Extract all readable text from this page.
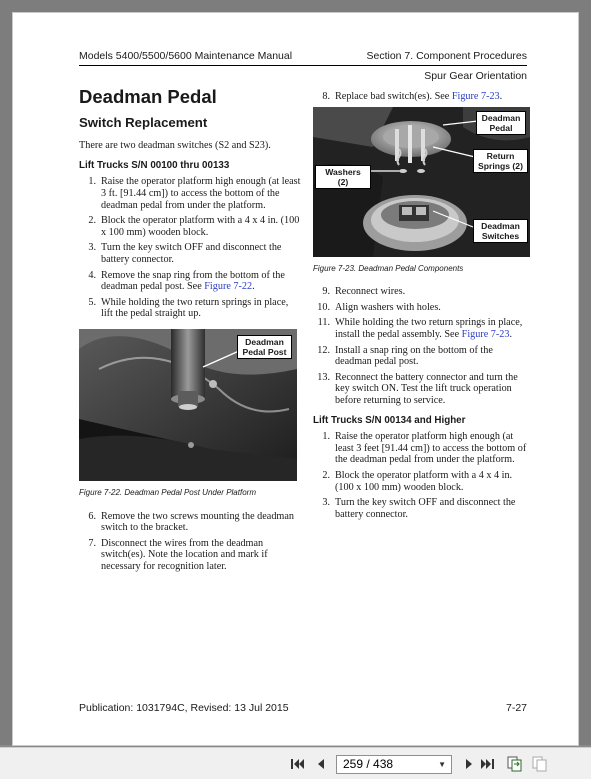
Models 5400/5500/5600 Maintenance Manual	Section 7. Component Procedures
Spur Gear Orientation
Deadman Pedal
Switch Replacement

There are two deadman switches (S2 and S23).

Lift Trucks S/N 00100 thru 00133
1. Raise the operator platform high enough (at least 3 ft. [91.44 cm]) to access the bottom of the deadman pedal from under the platform.
2. Block the operator platform with a 4 x 4 in. (100 x 100 mm) wooden block.
3. Turn the key switch OFF and disconnect the battery connector.
4. Remove the snap ring from the bottom of the deadman pedal post. See Figure 7-22.
5. While holding the two return springs in place, lift the pedal straight up.
Deadman
Pedal Post
Figure 7-22. Deadman Pedal Post Under Platform
6. Remove the two screws mounting the deadman switch to the bracket.
7. Disconnect the wires from the deadman switch(es). Note the location and mark if necessary for recognition later.
8. Replace bad switch(es). See Figure 7-23.
Deadman
Pedal
Return
Springs (2)
Washers (2)
Deadman
Switches
Figure 7-23. Deadman Pedal Components
9. Reconnect wires.
10. Align washers with holes.
11. While holding the two return springs in place, install the pedal assembly. See Figure 7-23.
12. Install a snap ring on the bottom of the deadman pedal post.
13. Reconnect the battery connector and turn the key switch ON. Test the lift truck operation before returning to service.
Lift Trucks S/N 00134 and Higher
1. Raise the operator platform high enough (at least 3 feet [91.44 cm]) to access the bottom of the deadman pedal from under the platform.
2. Block the operator platform with a 4 x 4 in. (100 x 100 mm) wooden block.
3. Turn the key switch OFF and disconnect the battery connector.
Publication: 1031794C, Revised: 13 Jul 2015	7-27
259 / 438	▼
